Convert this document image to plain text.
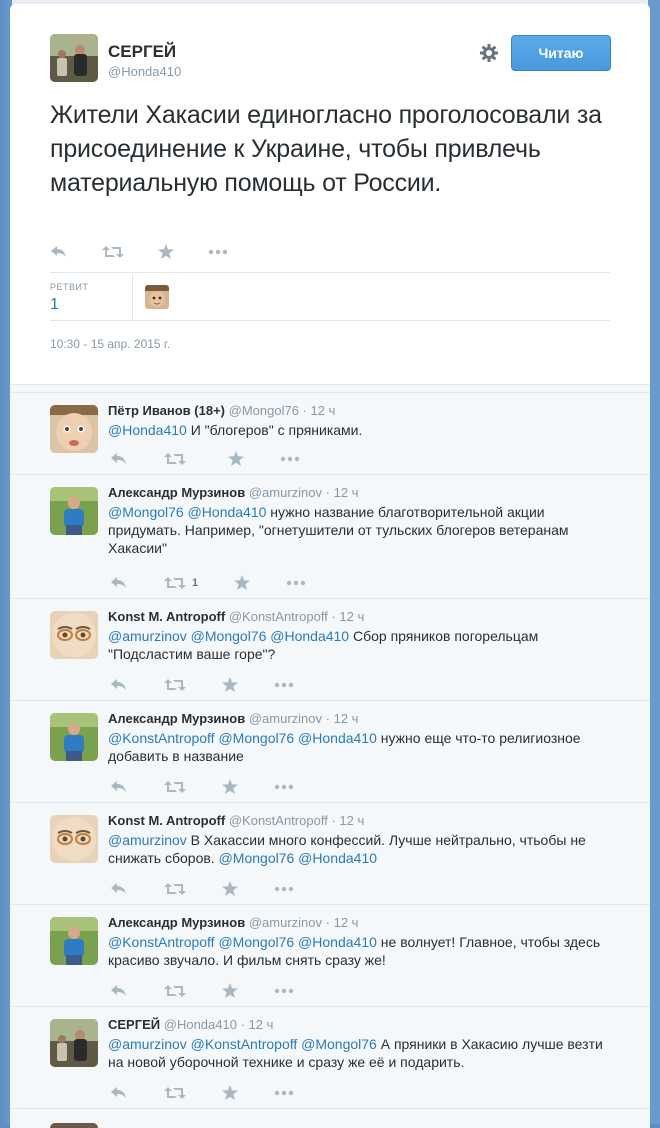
СЕРГЕЙ
@Honda410
Читаю
Жители Хакасии единогласно проголосовали за присоединение к Украине, чтобы привлечь материальную помощь от России.
РЕТВИТ
1
10:30 - 15 апр. 2015 г.
Пётр Иванов (18+) @Mongol76 · 12 ч
@Honda410 И "блогеров" с пряниками.
Александр Мурзинов @amurzinov · 12 ч
@Mongol76 @Honda410 нужно название благотворительной акции придумать. Например, "огнетушители от тульских блогеров ветеранам Хакасии"
1
Konst M. Antropoff @KonstAntropoff · 12 ч
@amurzinov @Mongol76 @Honda410 Сбор пряников погорельцам "Подсластим ваше горе"?
Александр Мурзинов @amurzinov · 12 ч
@KonstAntropoff @Mongol76 @Honda410 нужно еще что-то религиозное добавить в название
Konst M. Antropoff @KonstAntropoff · 12 ч
@amurzinov В Хакассии много конфессий. Лучше нейтрально, чтьобы не снижать сборов. @Mongol76 @Honda410
Александр Мурзинов @amurzinov · 12 ч
@KonstAntropoff @Mongol76 @Honda410 не волнует! Главное, чтобы здесь красиво звучало. И фильм снять сразу же!
СЕРГЕЙ @Honda410 · 12 ч
@amurzinov @KonstAntropoff @Mongol76 А пряники в Хакасию лучше везти на новой уборочной технике и сразу же её и подарить.
